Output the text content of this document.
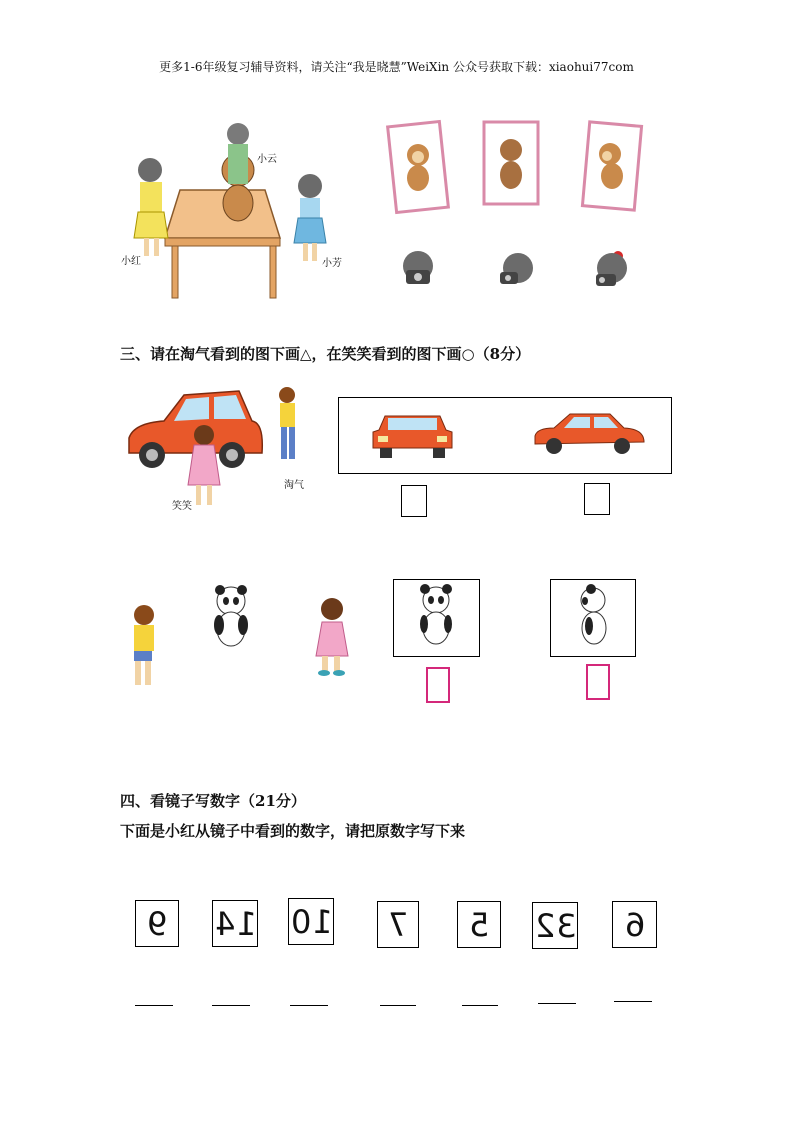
更多1-6年级复习辅导资料，请关注“我是晓慧”WeiXin 公众号获取下载：xiaohui77com
小云
小红	小芳
三、请在淘气看到的图下画△，在笑笑看到的图下画○（8分）
笑笑
淘气
四、看镜子写数字（21分）
下面是小红从镜子中看到的数字，请把原数字写下来
9 14 10 7 5 32 6
